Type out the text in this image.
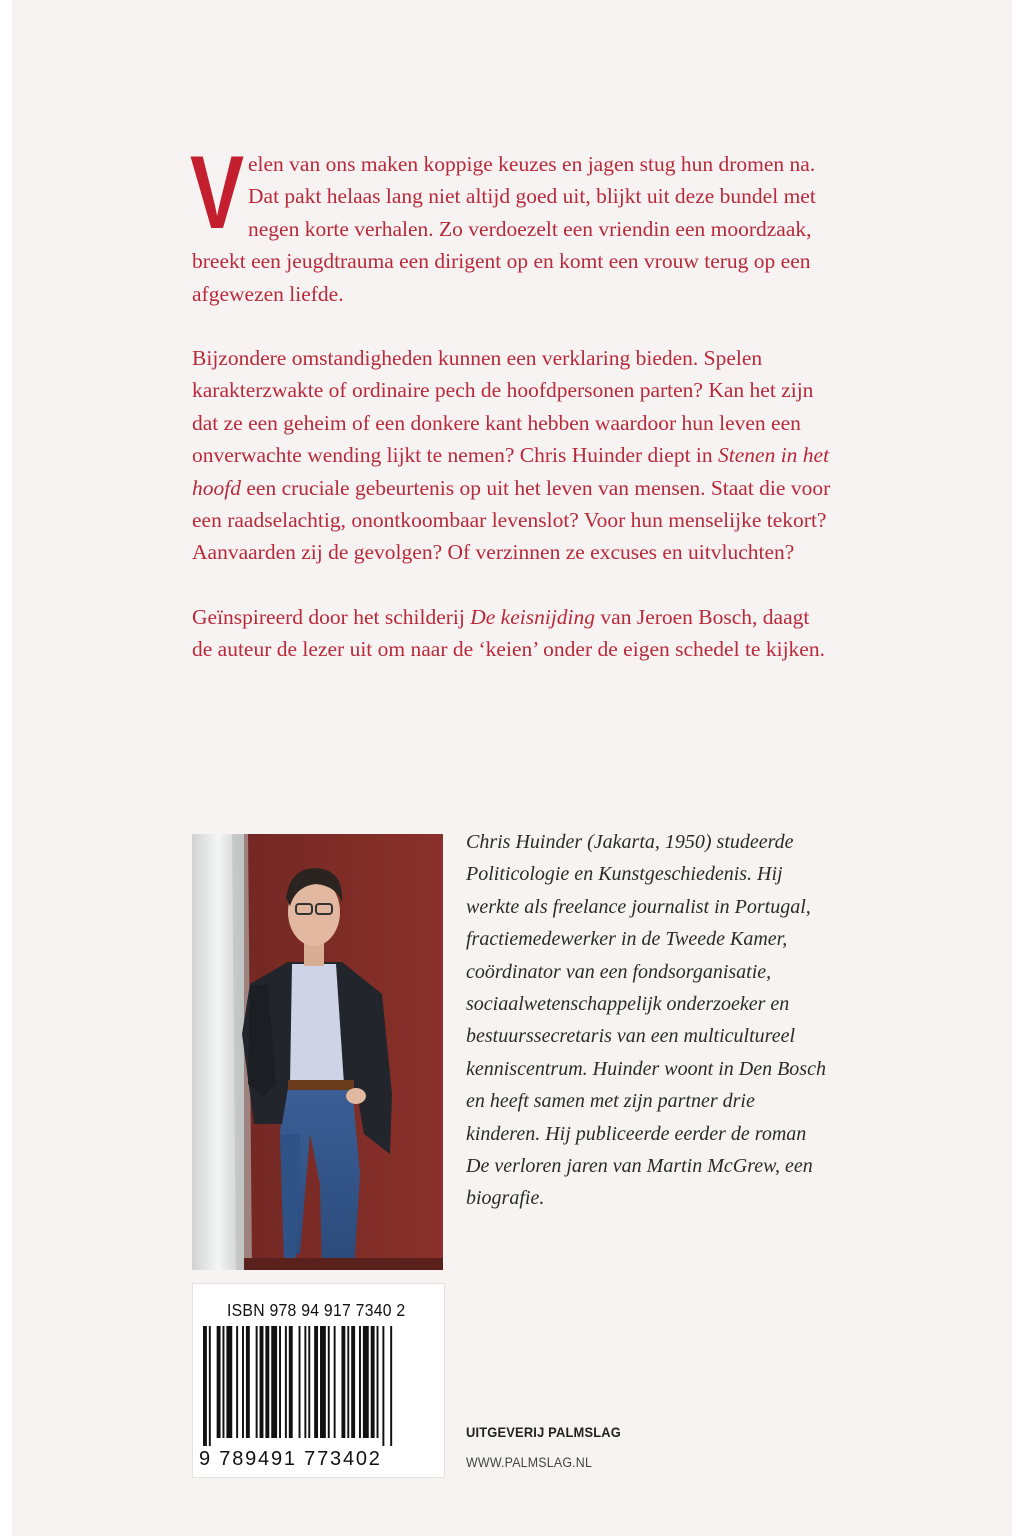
Velen van ons maken koppige keuzes en jagen stug hun dromen na. Dat pakt helaas lang niet altijd goed uit, blijkt uit deze bundel met negen korte verhalen. Zo verdoezelt een vriendin een moordzaak, breekt een jeugdtrauma een dirigent op en komt een vrouw terug op een afgewezen liefde.

Bijzondere omstandigheden kunnen een verklaring bieden. Spelen karakterzwakte of ordinaire pech de hoofdpersonen parten? Kan het zijn dat ze een geheim of een donkere kant hebben waardoor hun leven een onverwachte wending lijkt te nemen? Chris Huinder diept in Stenen in het hoofd een cruciale gebeurtenis op uit het leven van mensen. Staat die voor een raadselachtig, onontkoombaar levenslot? Voor hun menselijke tekort? Aanvaarden zij de gevolgen? Of verzinnen ze excuses en uitvluchten?

Geïnspireerd door het schilderij De keisnijding van Jeroen Bosch, daagt de auteur de lezer uit om naar de ‘keien’ onder de eigen schedel te kijken.

Chris Huinder (Jakarta, 1950) studeerde Politicologie en Kunstgeschiedenis. Hij werkte als freelance journalist in Portugal, fractiemedewerker in de Tweede Kamer, coördinator van een fondsorganisatie, sociaalwetenschappelijk onderzoeker en bestuurssecretaris van een multicultureel kenniscentrum. Huinder woont in Den Bosch en heeft samen met zijn partner drie kinderen. Hij publiceerde eerder de roman De verloren jaren van Martin McGrew, een biografie.
ISBN 978 94 917 7340 2
9 789491 773402
UITGEVERIJ PALMSLAG
WWW.PALMSLAG.NL
